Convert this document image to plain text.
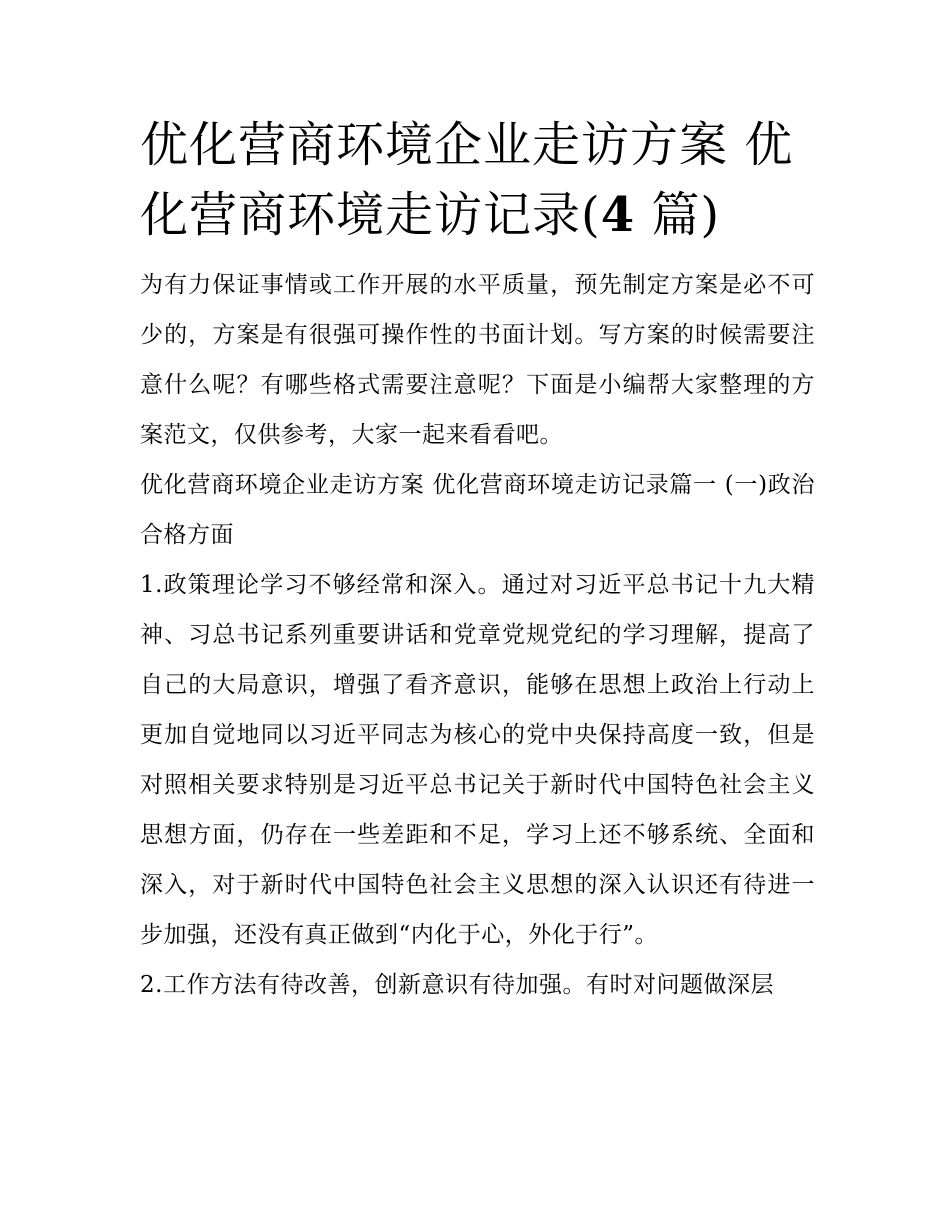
优化营商环境企业走访方案 优化营商环境走访记录(4 篇)

为有力保证事情或工作开展的水平质量，预先制定方案是必不可少的，方案是有很强可操作性的书面计划。写方案的时候需要注意什么呢？有哪些格式需要注意呢？下面是小编帮大家整理的方案范文，仅供参考，大家一起来看看吧。

优化营商环境企业走访方案 优化营商环境走访记录篇一 (一)政治合格方面

1.政策理论学习不够经常和深入。通过对习近平总书记十九大精神、习总书记系列重要讲话和党章党规党纪的学习理解，提高了自己的大局意识，增强了看齐意识，能够在思想上政治上行动上更加自觉地同以习近平同志为核心的党中央保持高度一致，但是对照相关要求特别是习近平总书记关于新时代中国特色社会主义思想方面，仍存在一些差距和不足，学习上还不够系统、全面和深入，对于新时代中国特色社会主义思想的深入认识还有待进一步加强，还没有真正做到“内化于心，外化于行”。

2.工作方法有待改善，创新意识有待加强。有时对问题做深层
